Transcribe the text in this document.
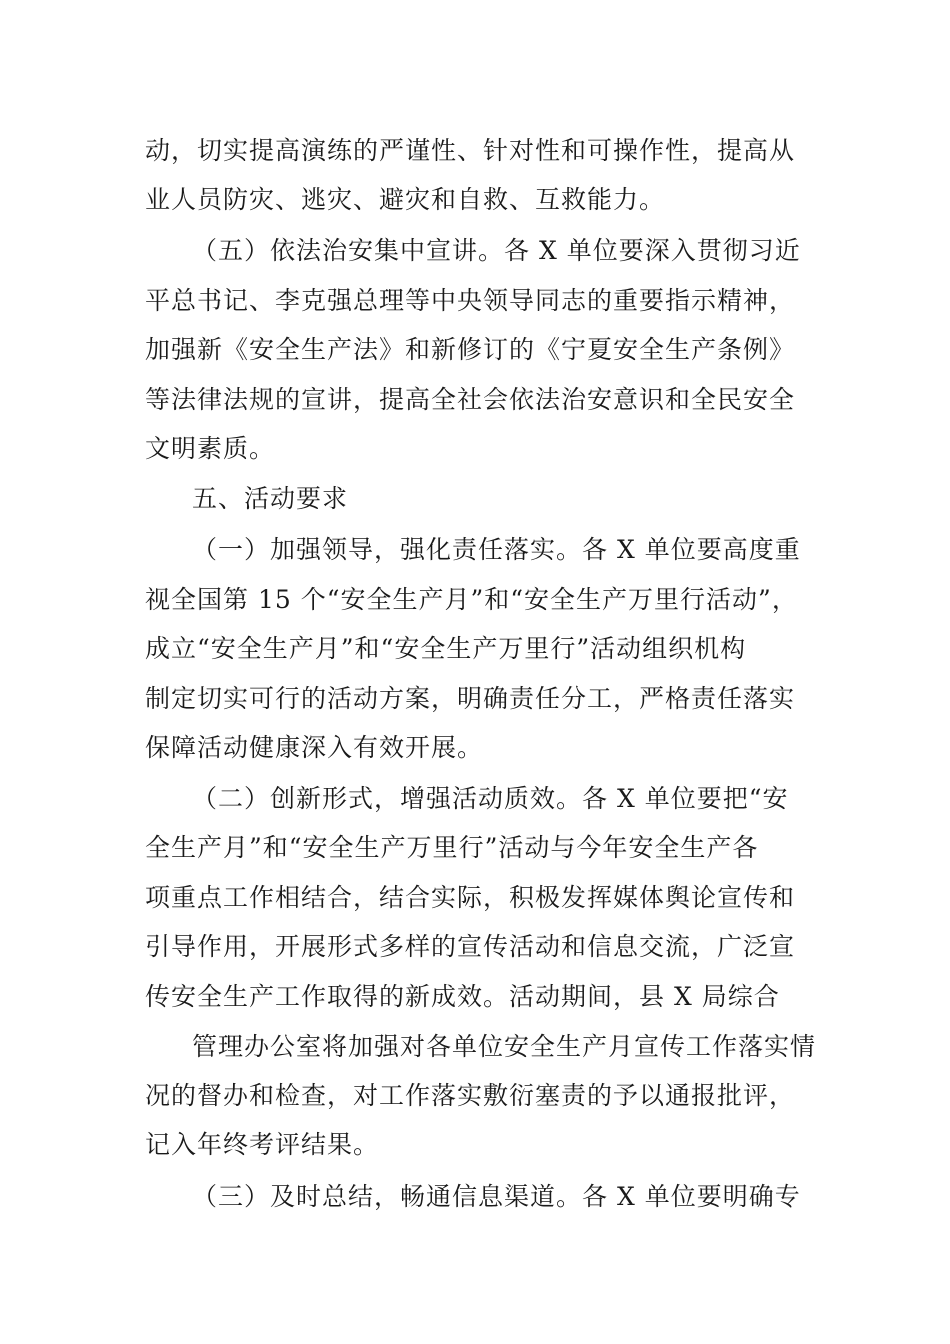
动，切实提高演练的严谨性、针对性和可操作性，提高从
业人员防灾、逃灾、避灾和自救、互救能力。
（五）依法治安集中宣讲。各 X 单位要深入贯彻习近
平总书记、李克强总理等中央领导同志的重要指示精神，
加强新《安全生产法》和新修订的《宁夏安全生产条例》
等法律法规的宣讲，提高全社会依法治安意识和全民安全
文明素质。
五、活动要求
（一）加强领导，强化责任落实。各 X 单位要高度重
视全国第 15 个“安全生产月”和“安全生产万里行活动”，
成立“安全生产月”和“安全生产万里行”活动组织机构
制定切实可行的活动方案，明确责任分工，严格责任落实
保障活动健康深入有效开展。
（二）创新形式，增强活动质效。各 X 单位要把“安
全生产月”和“安全生产万里行”活动与今年安全生产各
项重点工作相结合，结合实际，积极发挥媒体舆论宣传和
引导作用，开展形式多样的宣传活动和信息交流，广泛宣
传安全生产工作取得的新成效。活动期间，县 X 局综合
管理办公室将加强对各单位安全生产月宣传工作落实情
况的督办和检查，对工作落实敷衍塞责的予以通报批评，
记入年终考评结果。
（三）及时总结，畅通信息渠道。各 X 单位要明确专
